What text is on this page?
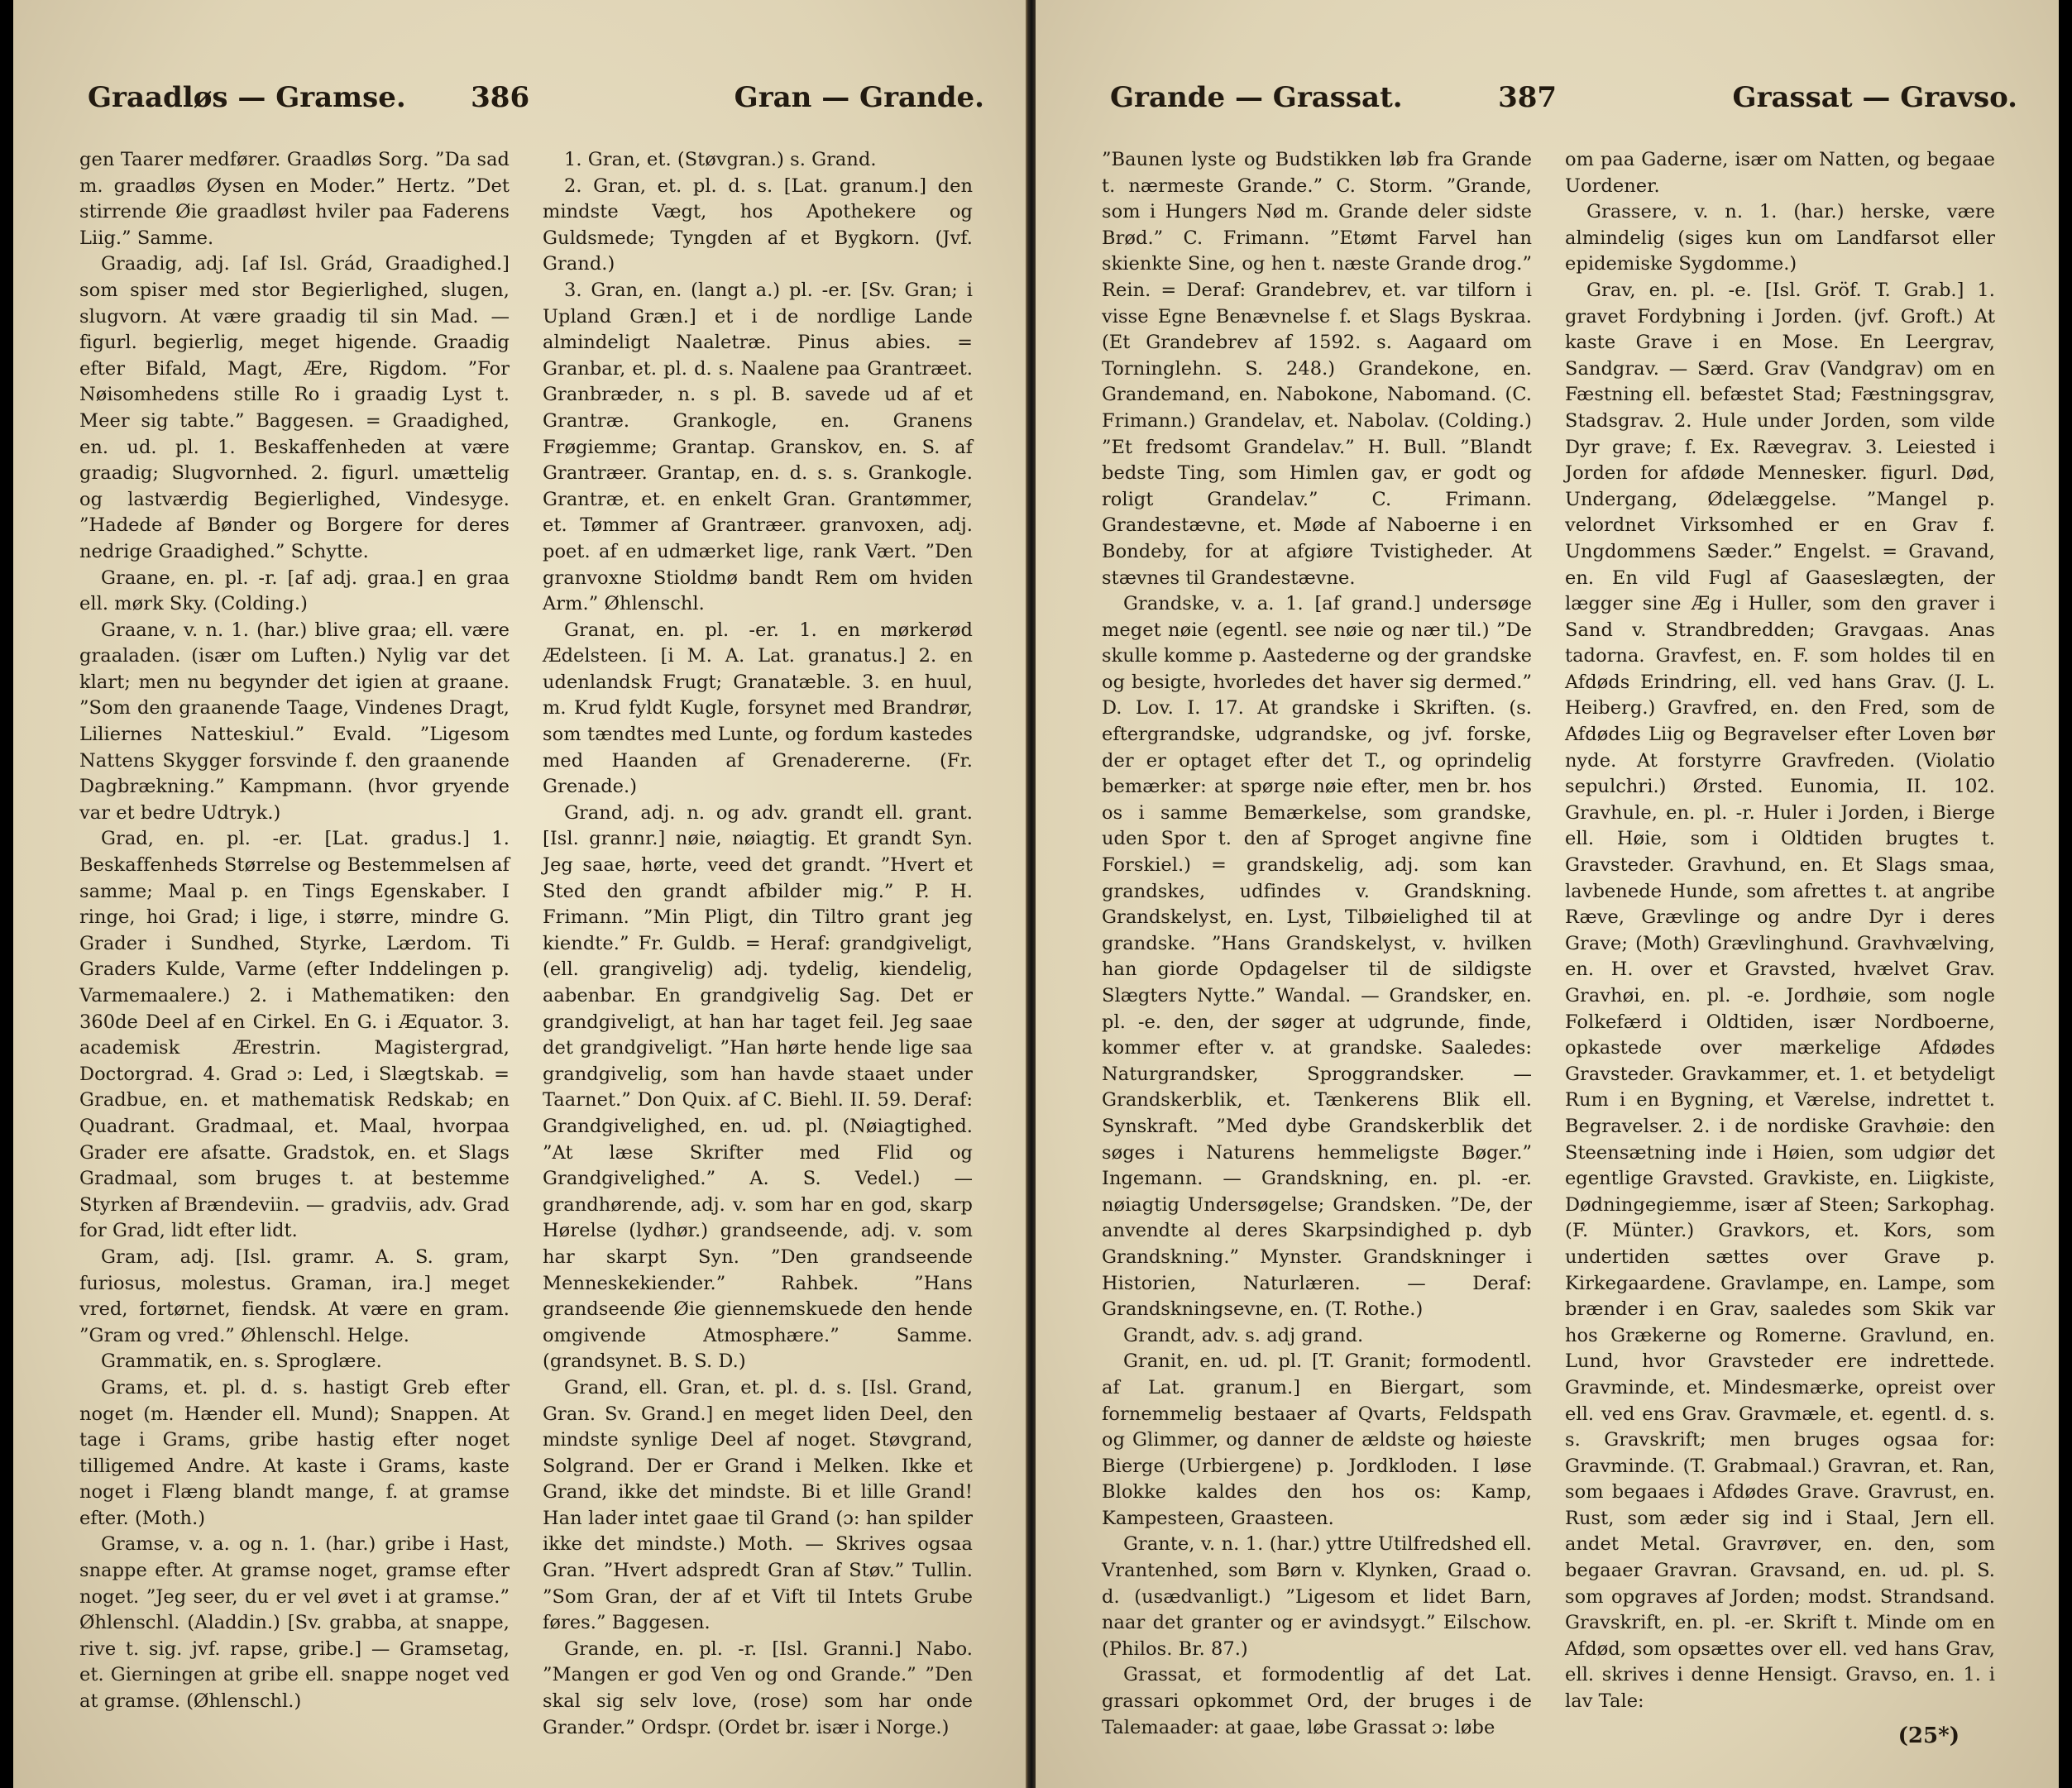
Graadløs — Gramse. 386	Gran — Grande.

gen Taarer medfører. Graadløs Sorg. ”Da sad m. graadløs Øysen en Moder.” Hertz. ”Det stirrende Øie graadløst hviler paa Faderens Liig.” Samme.

Graadig, adj. [af Isl. Grád, Graadighed.] som spiser med stor Begierlighed, slugen, slugvorn. At være graadig til sin Mad. — figurl. begierlig, meget higende. Graadig efter Bifald, Magt, Ære, Rigdom. ”For Nøisomhedens stille Ro i graadig Lyst t. Meer sig tabte.” Baggesen. = Graadighed, en. ud. pl. 1. Beskaffenheden at være graadig; Slugvornhed. 2. figurl. umættelig og lastværdig Begierlighed, Vindesyge. ”Hadede af Bønder og Borgere for deres nedrige Graadighed.” Schytte.

Graane, en. pl. -r. [af adj. graa.] en graa ell. mørk Sky. (Colding.)

Graane, v. n. 1. (har.) blive graa; ell. være graaladen. (især om Luften.) Nylig var det klart; men nu begynder det igien at graane. ”Som den graanende Taage, Vindenes Dragt, Liliernes Natteskiul.” Evald. ”Ligesom Nattens Skygger forsvinde f. den graanende Dagbrækning.” Kampmann. (hvor gryende var et bedre Udtryk.)

Grad, en. pl. -er. [Lat. gradus.] 1. Beskaffenheds Størrelse og Bestemmelsen af samme; Maal p. en Tings Egenskaber. I ringe, hoi Grad; i lige, i større, mindre G. Grader i Sundhed, Styrke, Lærdom. Ti Graders Kulde, Varme (efter Inddelingen p. Varmemaalere.) 2. i Mathematiken: den 360de Deel af en Cirkel. En G. i Æquator. 3. academisk Ærestrin. Magistergrad, Doctorgrad. 4. Grad ɔ: Led, i Slægtskab. = Gradbue, en. et mathematisk Redskab; en Quadrant. Gradmaal, et. Maal, hvorpaa Grader ere afsatte. Gradstok, en. et Slags Gradmaal, som bruges t. at bestemme Styrken af Brændeviin. — gradviis, adv. Grad for Grad, lidt efter lidt.

Gram, adj. [Isl. gramr. A. S. gram, furiosus, molestus. Graman, ira.] meget vred, fortørnet, fiendsk. At være en gram. ”Gram og vred.” Øhlenschl. Helge.

Grammatik, en. s. Sproglære.

Grams, et. pl. d. s. hastigt Greb efter noget (m. Hænder ell. Mund); Snappen. At tage i Grams, gribe hastig efter noget tilligemed Andre. At kaste i Grams, kaste noget i Flæng blandt mange, f. at gramse efter. (Moth.)

Gramse, v. a. og n. 1. (har.) gribe i Hast, snappe efter. At gramse noget, gramse efter noget. ”Jeg seer, du er vel øvet i at gramse.” Øhlenschl. (Aladdin.) [Sv. grabba, at snappe, rive t. sig. jvf. rapse, gribe.] — Gramsetag, et. Gierningen at gribe ell. snappe noget ved at gramse. (Øhlenschl.)

1. Gran, et. (Støvgran.) s. Grand.

2. Gran, et. pl. d. s. [Lat. granum.] den mindste Vægt, hos Apothekere og Guldsmede; Tyngden af et Bygkorn. (Jvf. Grand.)

3. Gran, en. (langt a.) pl. -er. [Sv. Gran; i Upland Græn.] et i de nordlige Lande almindeligt Naaletræ. Pinus abies. = Granbar, et. pl. d. s. Naalene paa Grantræet. Granbræder, n. s pl. B. savede ud af et Grantræ. Grankogle, en. Granens Frøgiemme; Grantap. Granskov, en. S. af Grantræer. Grantap, en. d. s. s. Grankogle. Grantræ, et. en enkelt Gran. Grantømmer, et. Tømmer af Grantræer. granvoxen, adj. poet. af en udmærket lige, rank Vært. ”Den granvoxne Stioldmø bandt Rem om hviden Arm.” Øhlenschl.

Granat, en. pl. -er. 1. en mørkerød Ædelsteen. [i M. A. Lat. granatus.] 2. en udenlandsk Frugt; Granatæble. 3. en huul, m. Krud fyldt Kugle, forsynet med Brandrør, som tændtes med Lunte, og fordum kastedes med Haanden af Grenadererne. (Fr. Grenade.)

Grand, adj. n. og adv. grandt ell. grant. [Isl. grannr.] nøie, nøiagtig. Et grandt Syn. Jeg saae, hørte, veed det grandt. ”Hvert et Sted den grandt afbilder mig.” P. H. Frimann. ”Min Pligt, din Tiltro grant jeg kiendte.” Fr. Guldb. = Heraf: grandgiveligt, (ell. grangivelig) adj. tydelig, kiendelig, aabenbar. En grandgivelig Sag. Det er grandgiveligt, at han har taget feil. Jeg saae det grandgiveligt. ”Han hørte hende lige saa grandgivelig, som han havde staaet under Taarnet.” Don Quix. af C. Biehl. II. 59. Deraf: Grandgivelighed, en. ud. pl. (Nøiagtighed. ”At læse Skrifter med Flid og Grandgivelighed.” A. S. Vedel.) — grandhørende, adj. v. som har en god, skarp Hørelse (lydhør.) grandseende, adj. v. som har skarpt Syn. ”Den grandseende Menneskekiender.” Rahbek. ”Hans grandseende Øie giennemskuede den hende omgivende Atmosphære.” Samme. (grandsynet. B. S. D.)

Grand, ell. Gran, et. pl. d. s. [Isl. Grand, Gran. Sv. Grand.] en meget liden Deel, den mindste synlige Deel af noget. Støvgrand, Solgrand. Der er Grand i Melken. Ikke et Grand, ikke det mindste. Bi et lille Grand! Han lader intet gaae til Grand (ɔ: han spilder ikke det mindste.) Moth. — Skrives ogsaa Gran. ”Hvert adspredt Gran af Støv.” Tullin. ”Som Gran, der af et Vift til Intets Grube føres.” Baggesen.

Grande, en. pl. -r. [Isl. Granni.] Nabo. ”Mangen er god Ven og ond Grande.” ”Den skal sig selv love, (rose) som har onde Grander.” Ordspr. (Ordet br. især i Norge.)

Grande — Grassat.	387	Grassat — Gravso.

”Baunen lyste og Budstikken løb fra Grande t. nærmeste Grande.” C. Storm. ”Grande, som i Hungers Nød m. Grande deler sidste Brød.” C. Frimann. ”Etømt Farvel han skienkte Sine, og hen t. næste Grande drog.” Rein. = Deraf: Grandebrev, et. var tilforn i visse Egne Benævnelse f. et Slags Byskraa. (Et Grandebrev af 1592. s. Aagaard om Torninglehn. S. 248.) Grandekone, en. Grandemand, en. Nabokone, Nabomand. (C. Frimann.) Grandelav, et. Nabolav. (Colding.) ”Et fredsomt Grandelav.” H. Bull. ”Blandt bedste Ting, som Himlen gav, er godt og roligt Grandelav.” C. Frimann. Grandestævne, et. Møde af Naboerne i en Bondeby, for at afgiøre Tvistigheder. At stævnes til Grandestævne.

Grandske, v. a. 1. [af grand.] undersøge meget nøie (egentl. see nøie og nær til.) ”De skulle komme p. Aastederne og der grandske og besigte, hvorledes det haver sig dermed.” D. Lov. I. 17. At grandske i Skriften. (s. eftergrandske, udgrandske, og jvf. forske, der er optaget efter det T., og oprindelig bemærker: at spørge nøie efter, men br. hos os i samme Bemærkelse, som grandske, uden Spor t. den af Sproget angivne fine Forskiel.) = grandskelig, adj. som kan grandskes, udfindes v. Grandskning. Grandskelyst, en. Lyst, Tilbøielighed til at grandske. ”Hans Grandskelyst, v. hvilken han giorde Opdagelser til de sildigste Slægters Nytte.” Wandal. — Grandsker, en. pl. -e. den, der søger at udgrunde, finde, kommer efter v. at grandske. Saaledes: Naturgrandsker, Sproggrandsker. — Grandskerblik, et. Tænkerens Blik ell. Synskraft. ”Med dybe Grandskerblik det søges i Naturens hemmeligste Bøger.” Ingemann. — Grandskning, en. pl. -er. nøiagtig Undersøgelse; Grandsken. ”De, der anvendte al deres Skarpsindighed p. dyb Grandskning.” Mynster. Grandskninger i Historien, Naturlæren. — Deraf: Grandskningsevne, en. (T. Rothe.)

Grandt, adv. s. adj grand.

Granit, en. ud. pl. [T. Granit; formodentl. af Lat. granum.] en Biergart, som fornemmelig bestaaer af Qvarts, Feldspath og Glimmer, og danner de ældste og høieste Bierge (Urbiergene) p. Jordkloden. I løse Blokke kaldes den hos os: Kamp, Kampesteen, Graasteen.

Grante, v. n. 1. (har.) yttre Utilfredshed ell. Vrantenhed, som Børn v. Klynken, Graad o. d. (usædvanligt.) ”Ligesom et lidet Barn, naar det granter og er avindsygt.” Eilschow. (Philos. Br. 87.)

Grassat, et formodentlig af det Lat. grassari opkommet Ord, der bruges i de Talemaader: at gaae, løbe Grassat ɔ: løbe

om paa Gaderne, især om Natten, og begaae Uordener.

Grassere, v. n. 1. (har.) herske, være almindelig (siges kun om Landfarsot eller epidemiske Sygdomme.)

Grav, en. pl. -e. [Isl. Gröf. T. Grab.] 1. gravet Fordybning i Jorden. (jvf. Groft.) At kaste Grave i en Mose. En Leergrav, Sandgrav. — Særd. Grav (Vandgrav) om en Fæstning ell. befæstet Stad; Fæstningsgrav, Stadsgrav. 2. Hule under Jorden, som vilde Dyr grave; f. Ex. Rævegrav. 3. Leiested i Jorden for afdøde Mennesker. figurl. Død, Undergang, Ødelæggelse. ”Mangel p. velordnet Virksomhed er en Grav f. Ungdommens Sæder.” Engelst. = Gravand, en. En vild Fugl af Gaaseslægten, der lægger sine Æg i Huller, som den graver i Sand v. Strandbredden; Gravgaas. Anas tadorna. Gravfest, en. F. som holdes til en Afdøds Erindring, ell. ved hans Grav. (J. L. Heiberg.) Gravfred, en. den Fred, som de Afdødes Liig og Begravelser efter Loven bør nyde. At forstyrre Gravfreden. (Violatio sepulchri.) Ørsted. Eunomia, II. 102. Gravhule, en. pl. -r. Huler i Jorden, i Bierge ell. Høie, som i Oldtiden brugtes t. Gravsteder. Gravhund, en. Et Slags smaa, lavbenede Hunde, som afrettes t. at angribe Ræve, Grævlinge og andre Dyr i deres Grave; (Moth) Grævlinghund. Gravhvælving, en. H. over et Gravsted, hvælvet Grav. Gravhøi, en. pl. -e. Jordhøie, som nogle Folkefærd i Oldtiden, især Nordboerne, opkastede over mærkelige Afdødes Gravsteder. Gravkammer, et. 1. et betydeligt Rum i en Bygning, et Værelse, indrettet t. Begravelser. 2. i de nordiske Gravhøie: den Steensætning inde i Høien, som udgiør det egentlige Gravsted. Gravkiste, en. Liigkiste, Dødningegiemme, især af Steen; Sarkophag. (F. Münter.) Gravkors, et. Kors, som undertiden sættes over Grave p. Kirkegaardene. Gravlampe, en. Lampe, som brænder i en Grav, saaledes som Skik var hos Grækerne og Romerne. Gravlund, en. Lund, hvor Gravsteder ere indrettede. Gravminde, et. Mindesmærke, opreist over ell. ved ens Grav. Gravmæle, et. egentl. d. s. s. Gravskrift; men bruges ogsaa for: Gravminde. (T. Grabmaal.) Gravran, et. Ran, som begaaes i Afdødes Grave. Gravrust, en. Rust, som æder sig ind i Staal, Jern ell. andet Metal. Gravrøver, en. den, som begaaer Gravran. Gravsand, en. ud. pl. S. som opgraves af Jorden; modst. Strandsand. Gravskrift, en. pl. -er. Skrift t. Minde om en Afdød, som opsættes over ell. ved hans Grav, ell. skrives i denne Hensigt. Gravso, en. 1. i lav Tale:

(25*)
